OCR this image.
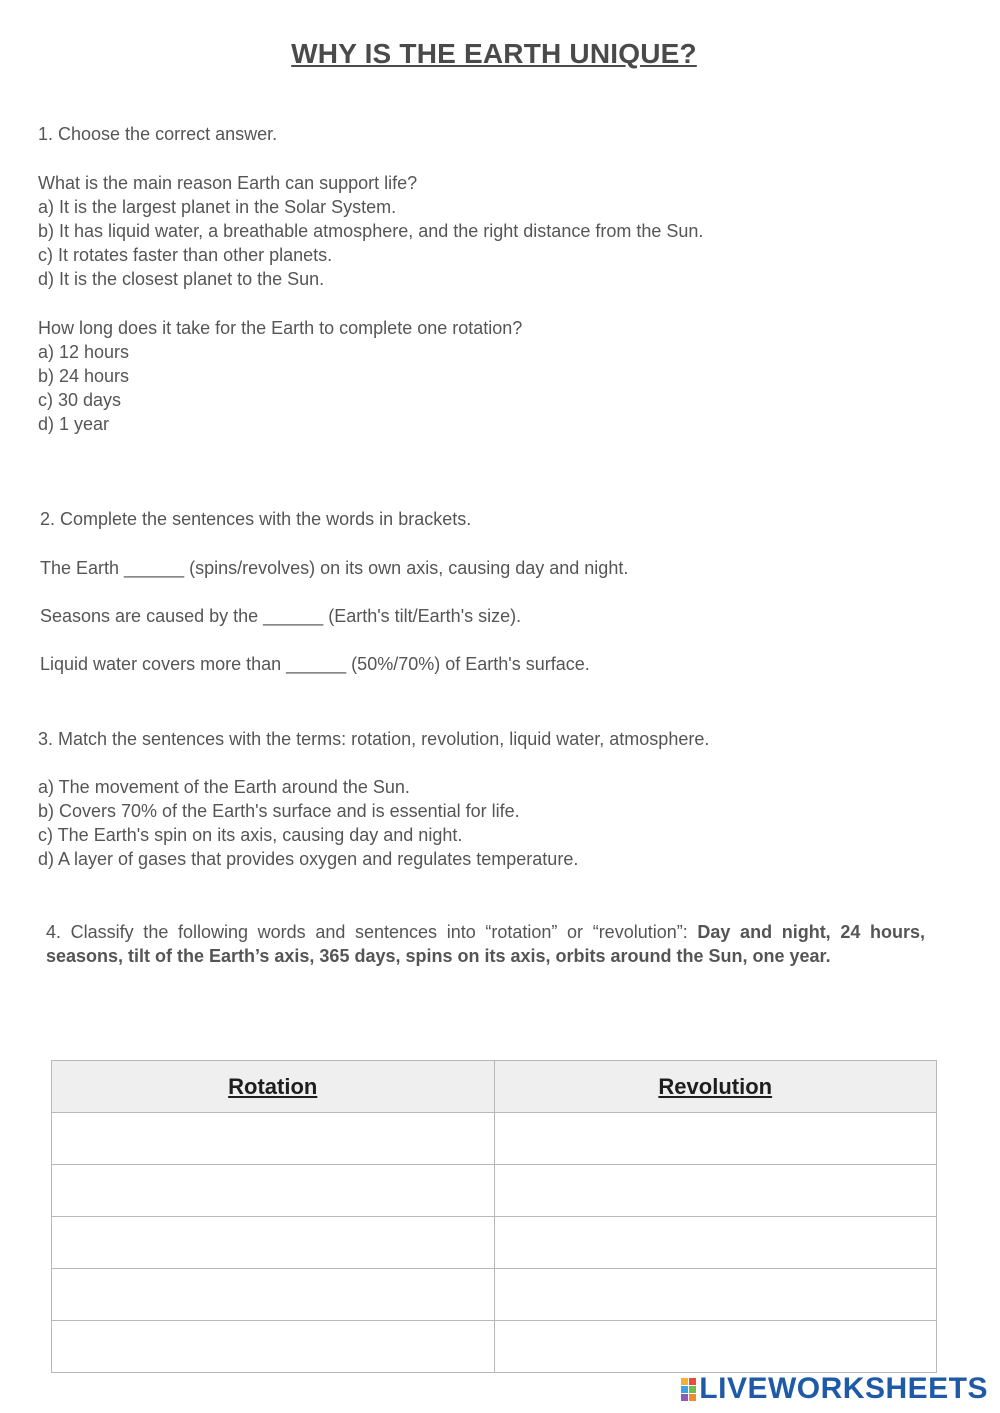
WHY IS THE EARTH UNIQUE?
1. Choose the correct answer.
What is the main reason Earth can support life?
a) It is the largest planet in the Solar System.
b) It has liquid water, a breathable atmosphere, and the right distance from the Sun.
c) It rotates faster than other planets.
d) It is the closest planet to the Sun.
How long does it take for the Earth to complete one rotation?
a) 12 hours
b) 24 hours
c) 30 days
d) 1 year
2. Complete the sentences with the words in brackets.
The Earth ______ (spins/revolves) on its own axis, causing day and night.
Seasons are caused by the ______ (Earth's tilt/Earth's size).
Liquid water covers more than ______ (50%/70%) of Earth's surface.
3. Match the sentences with the terms: rotation, revolution, liquid water, atmosphere.
a) The movement of the Earth around the Sun.
b) Covers 70% of the Earth's surface and is essential for life.
c) The Earth's spin on its axis, causing day and night.
d) A layer of gases that provides oxygen and regulates temperature.
4. Classify the following words and sentences into “rotation” or “revolution”: Day and night, 24 hours, seasons, tilt of the Earth’s axis, 365 days, spins on its axis, orbits around the Sun, one year.
Rotation	Revolution

LIVEWORKSHEETS
